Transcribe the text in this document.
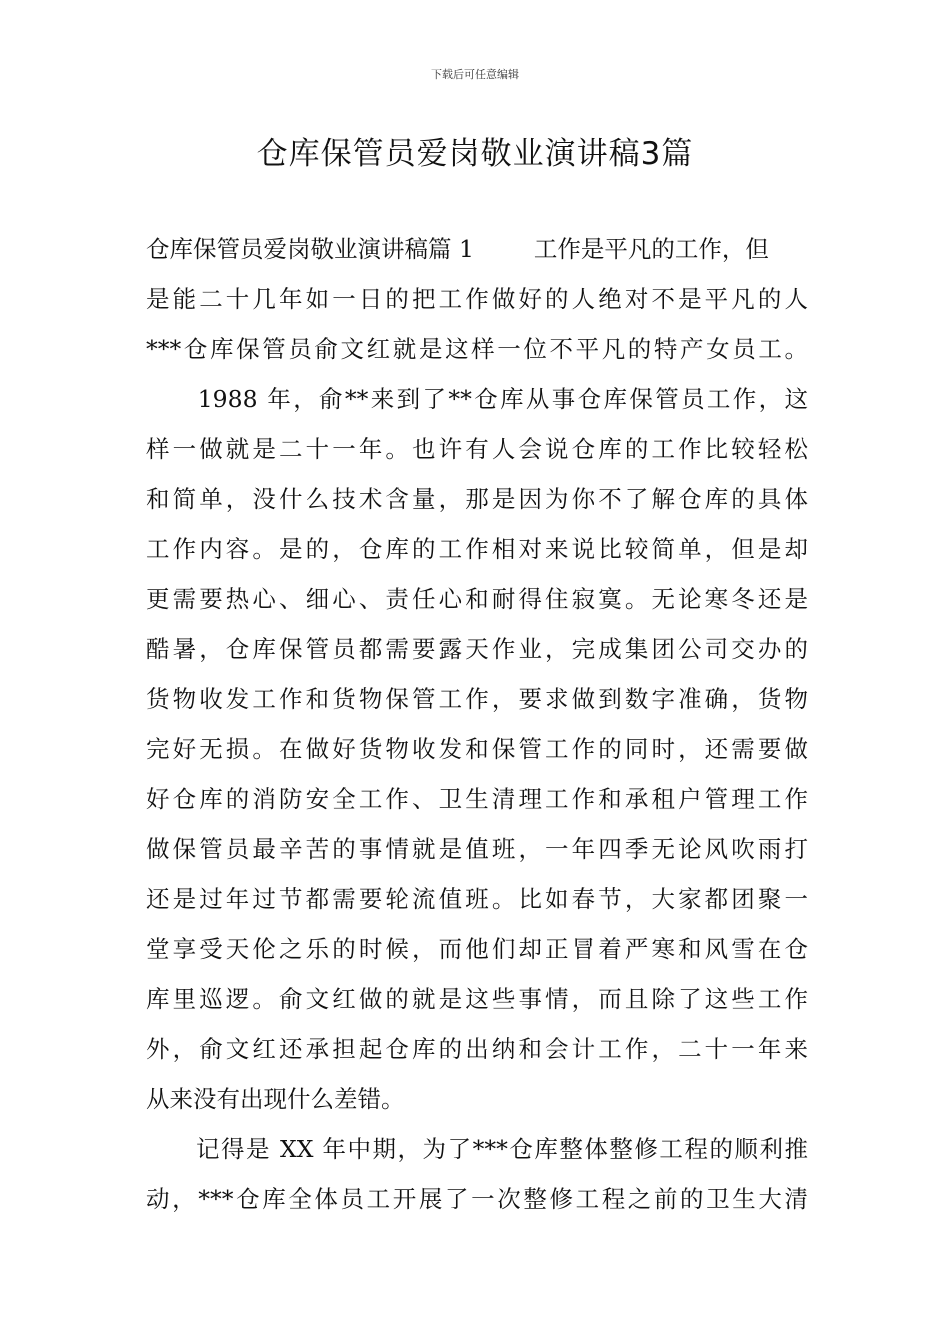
下载后可任意编辑
仓库保管员爱岗敬业演讲稿3篇
仓库保管员爱岗敬业演讲稿篇 1	工作是平凡的工作，但
是能二十几年如一日的把工作做好的人绝对不是平凡的人
***仓库保管员俞文红就是这样一位不平凡的特产女员工。
　　1988 年，俞**来到了**仓库从事仓库保管员工作，这
样一做就是二十一年。也许有人会说仓库的工作比较轻松
和简单，没什么技术含量，那是因为你不了解仓库的具体
工作内容。是的，仓库的工作相对来说比较简单，但是却
更需要热心、细心、责任心和耐得住寂寞。无论寒冬还是
酷暑，仓库保管员都需要露天作业，完成集团公司交办的
货物收发工作和货物保管工作，要求做到数字准确，货物
完好无损。在做好货物收发和保管工作的同时，还需要做
好仓库的消防安全工作、卫生清理工作和承租户管理工作
做保管员最辛苦的事情就是值班，一年四季无论风吹雨打
还是过年过节都需要轮流值班。比如春节，大家都团聚一
堂享受天伦之乐的时候，而他们却正冒着严寒和风雪在仓
库里巡逻。俞文红做的就是这些事情，而且除了这些工作
外，俞文红还承担起仓库的出纳和会计工作，二十一年来
从来没有出现什么差错。
　　记得是 XX 年中期，为了***仓库整体整修工程的顺利推
动，***仓库全体员工开展了一次整修工程之前的卫生大清
